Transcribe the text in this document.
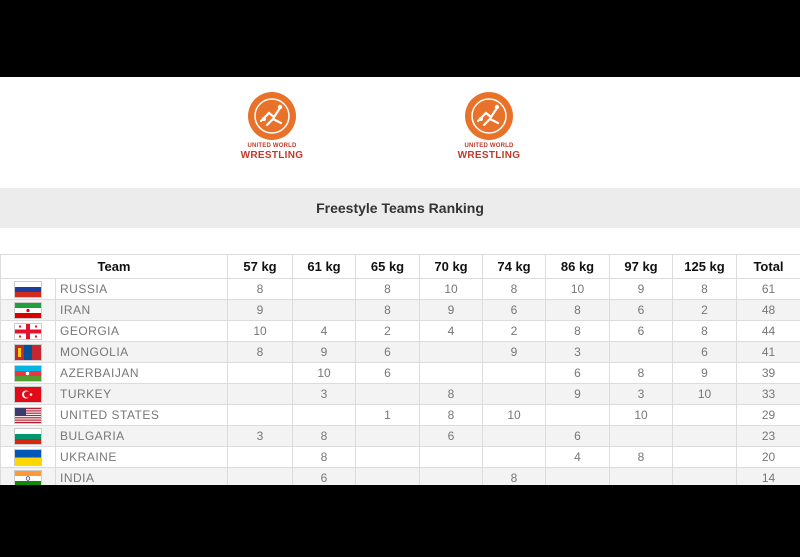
UNITED WORLD
WRESTLING
UNITED WORLD
WRESTLING
Freestyle Teams Ranking
Team		57 kg	61 kg	65 kg	70 kg	74 kg	86 kg	97 kg	125 kg	Total
	RUSSIA	8		8	10	8	10	9	8	61
	IRAN	9		8	9	6	8	6	2	48
	GEORGIA	10	4	2	4	2	8	6	8	44
	MONGOLIA	8	9	6		9	3		6	41
	AZERBAIJAN		10	6			6	8	9	39
	TURKEY		3		8		9	3	10	33
	UNITED STATES			1	8	10		10		29
	BULGARIA	3	8		6		6			23
	UKRAINE		8				4	8		20
	INDIA		6			8				14
